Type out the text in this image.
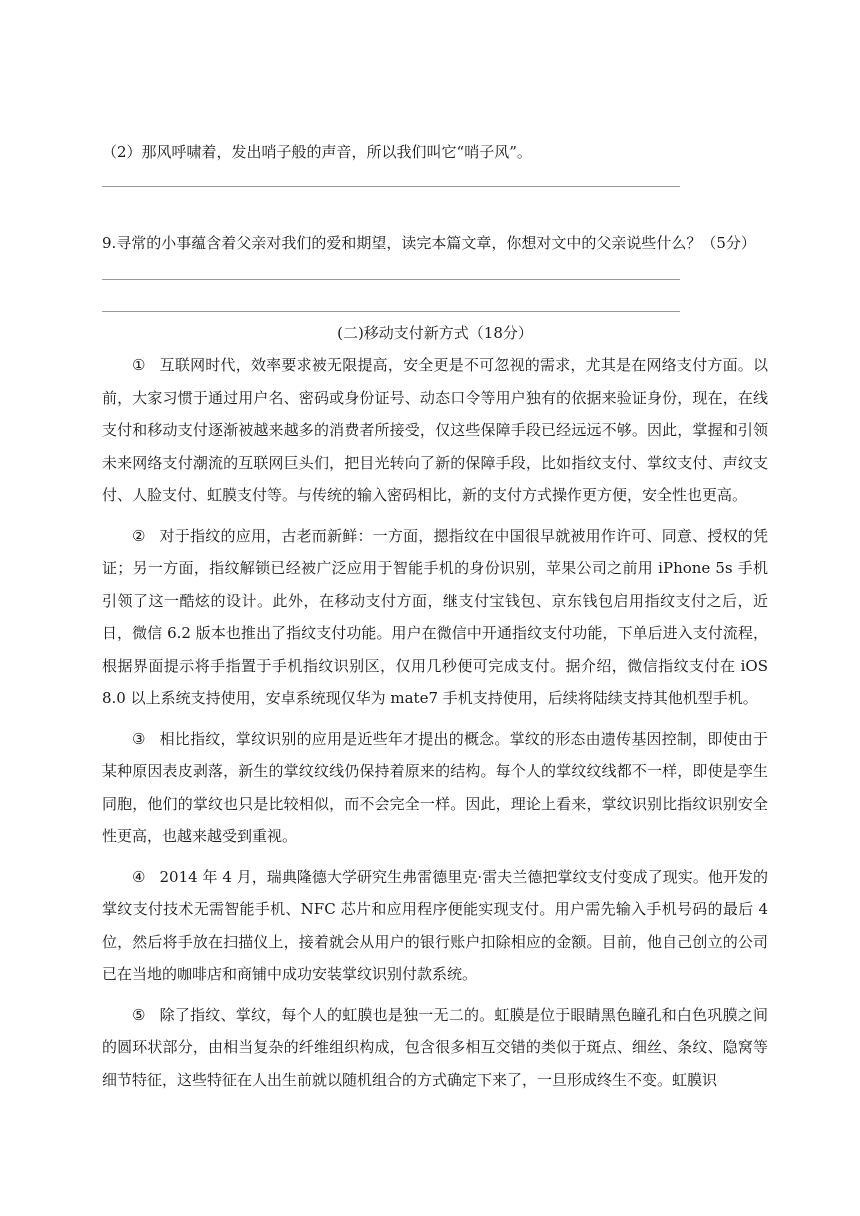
（2）那风呼啸着，发出哨子般的声音，所以我们叫它“哨子风”。
9.寻常的小事蕴含着父亲对我们的爱和期望，读完本篇文章，你想对文中的父亲说些什么？（5分）

(二)移动支付新方式（18分）

① 互联网时代，效率要求被无限提高，安全更是不可忽视的需求，尤其是在网络支付方面。以前，大家习惯于通过用户名、密码或身份证号、动态口令等用户独有的依据来验证身份，现在，在线支付和移动支付逐渐被越来越多的消费者所接受，仅这些保障手段已经远远不够。因此，掌握和引领未来网络支付潮流的互联网巨头们，把目光转向了新的保障手段，比如指纹支付、掌纹支付、声纹支付、人脸支付、虹膜支付等。与传统的输入密码相比，新的支付方式操作更方便，安全性也更高。

② 对于指纹的应用，古老而新鲜：一方面，摁指纹在中国很早就被用作许可、同意、授权的凭证；另一方面，指纹解锁已经被广泛应用于智能手机的身份识别，苹果公司之前用 iPhone 5s 手机引领了这一酷炫的设计。此外，在移动支付方面，继支付宝钱包、京东钱包启用指纹支付之后，近日，微信 6.2 版本也推出了指纹支付功能。用户在微信中开通指纹支付功能，下单后进入支付流程，根据界面提示将手指置于手机指纹识别区，仅用几秒便可完成支付。据介绍，微信指纹支付在 iOS 8.0 以上系统支持使用，安卓系统现仅华为 mate7 手机支持使用，后续将陆续支持其他机型手机。

③ 相比指纹，掌纹识别的应用是近些年才提出的概念。掌纹的形态由遗传基因控制，即使由于某种原因表皮剥落，新生的掌纹纹线仍保持着原来的结构。每个人的掌纹纹线都不一样，即使是孪生同胞，他们的掌纹也只是比较相似，而不会完全一样。因此，理论上看来，掌纹识别比指纹识别安全性更高，也越来越受到重视。

④ 2014 年 4 月，瑞典隆德大学研究生弗雷德里克·雷夫兰德把掌纹支付变成了现实。他开发的掌纹支付技术无需智能手机、NFC 芯片和应用程序便能实现支付。用户需先输入手机号码的最后 4 位，然后将手放在扫描仪上，接着就会从用户的银行账户扣除相应的金额。目前，他自己创立的公司已在当地的咖啡店和商铺中成功安装掌纹识别付款系统。

⑤ 除了指纹、掌纹，每个人的虹膜也是独一无二的。虹膜是位于眼睛黑色瞳孔和白色巩膜之间的圆环状部分，由相当复杂的纤维组织构成，包含很多相互交错的类似于斑点、细丝、条纹、隐窝等细节特征，这些特征在人出生前就以随机组合的方式确定下来了，一旦形成终生不变。虹膜识
